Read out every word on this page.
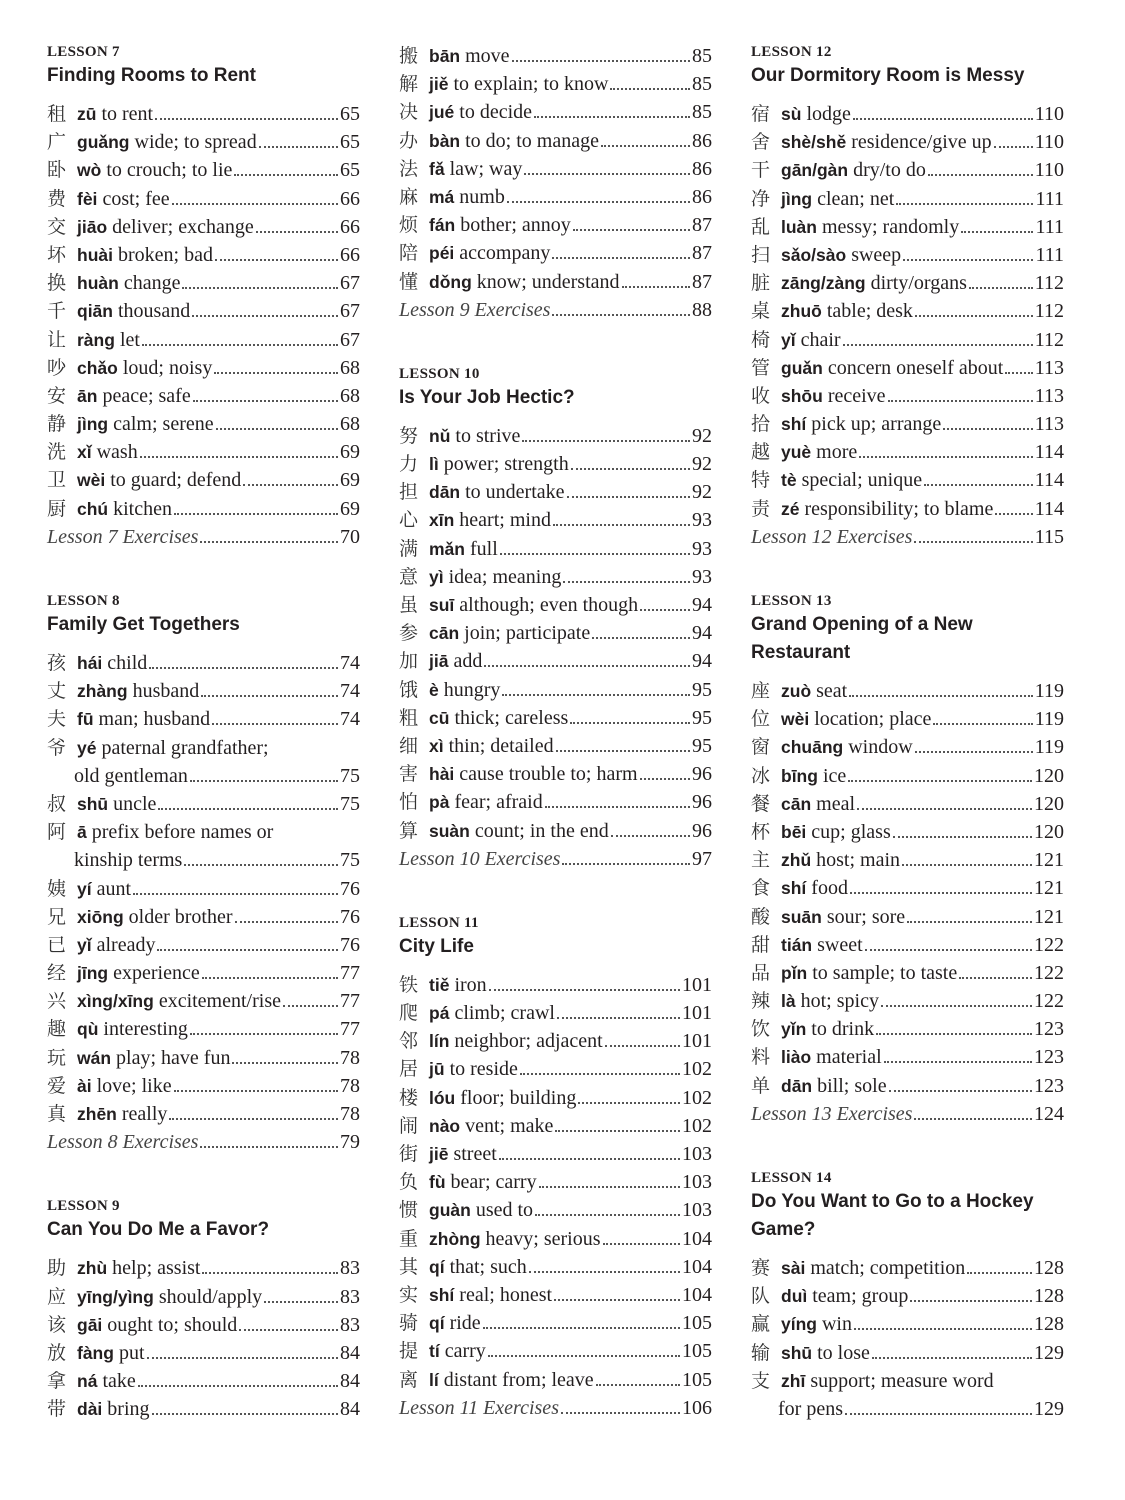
LESSON 7
Finding Rooms to Rent
租 zū to rent	65
广 guǎng wide; to spread	65
卧 wò to crouch; to lie	65
费 fèi cost; fee	66
交 jiāo deliver; exchange	66
坏 huài broken; bad	66
换 huàn change	67
千 qiān thousand	67
让 ràng let	67
吵 chǎo loud; noisy	68
安 ān peace; safe	68
静 jìng calm; serene	68
洗 xǐ wash	69
卫 wèi to guard; defend	69
厨 chú kitchen	69
Lesson 7 Exercises	70
LESSON 8
Family Get Togethers
孩 hái child	74
丈 zhàng husband	74
夫 fū man; husband	74
爷 yé paternal grandfather;
old gentleman	75
叔 shū uncle	75
阿 ā prefix before names or
kinship terms	75
姨 yí aunt	76
兄 xiōng older brother	76
已 yǐ already	76
经 jīng experience	77
兴 xìng/xīng excitement/rise	77
趣 qù interesting	77
玩 wán play; have fun	78
爱 ài love; like	78
真 zhēn really	78
Lesson 8 Exercises	79
LESSON 9
Can You Do Me a Favor?
助 zhù help; assist	83
应 yīng/yìng should/apply	83
该 gāi ought to; should	83
放 fàng put	84
拿 ná take	84
带 dài bring	84
搬 bān move	85
解 jiě to explain; to know	85
决 jué to decide	85
办 bàn to do; to manage	86
法 fǎ law; way	86
麻 má numb	86
烦 fán bother; annoy	87
陪 péi accompany	87
懂 dǒng know; understand	87
Lesson 9 Exercises	88
LESSON 10
Is Your Job Hectic?
努 nǔ to strive	92
力 lì power; strength	92
担 dān to undertake	92
心 xīn heart; mind	93
满 mǎn full	93
意 yì idea; meaning	93
虽 suī although; even though	94
参 cān join; participate	94
加 jiā add	94
饿 è hungry	95
粗 cū thick; careless	95
细 xì thin; detailed	95
害 hài cause trouble to; harm	96
怕 pà fear; afraid	96
算 suàn count; in the end	96
Lesson 10 Exercises	97
LESSON 11
City Life
铁 tiě iron	101
爬 pá climb; crawl	101
邻 lín neighbor; adjacent	101
居 jū to reside	102
楼 lóu floor; building	102
闹 nào vent; make	102
街 jiē street	103
负 fù bear; carry	103
惯 guàn used to	103
重 zhòng heavy; serious	104
其 qí that; such	104
实 shí real; honest	104
骑 qí ride	105
提 tí carry	105
离 lí distant from; leave	105
Lesson 11 Exercises	106
LESSON 12
Our Dormitory Room is Messy
宿 sù lodge	110
舍 shè/shě residence/give up 110
干 gān/gàn dry/to do	110
净 jìng clean; net	111
乱 luàn messy; randomly	111
扫 sǎo/sào sweep	111
脏 zāng/zàng dirty/organs	112
桌 zhuō table; desk	112
椅 yǐ chair	112
管 guǎn concern oneself about 113
收 shōu receive	113
拾 shí pick up; arrange	113
越 yuè more	114
特 tè special; unique	114
责 zé responsibility; to blame 114
Lesson 12 Exercises	115
LESSON 13
Grand Opening of a New
Restaurant
座 zuò seat	119
位 wèi location; place	119
窗 chuāng window	119
冰 bīng ice	120
餐 cān meal	120
杯 bēi cup; glass	120
主 zhǔ host; main	121
食 shí food	121
酸 suān sour; sore	121
甜 tián sweet	122
品 pǐn to sample; to taste	122
辣 là hot; spicy	122
饮 yǐn to drink	123
料 liào material	123
单 dān bill; sole	123
Lesson 13 Exercises	124
LESSON 14
Do You Want to Go to a Hockey
Game?
赛 sài match; competition	128
队 duì team; group	128
赢 yíng win	128
输 shū to lose	129
支 zhī support; measure word
for pens	129
